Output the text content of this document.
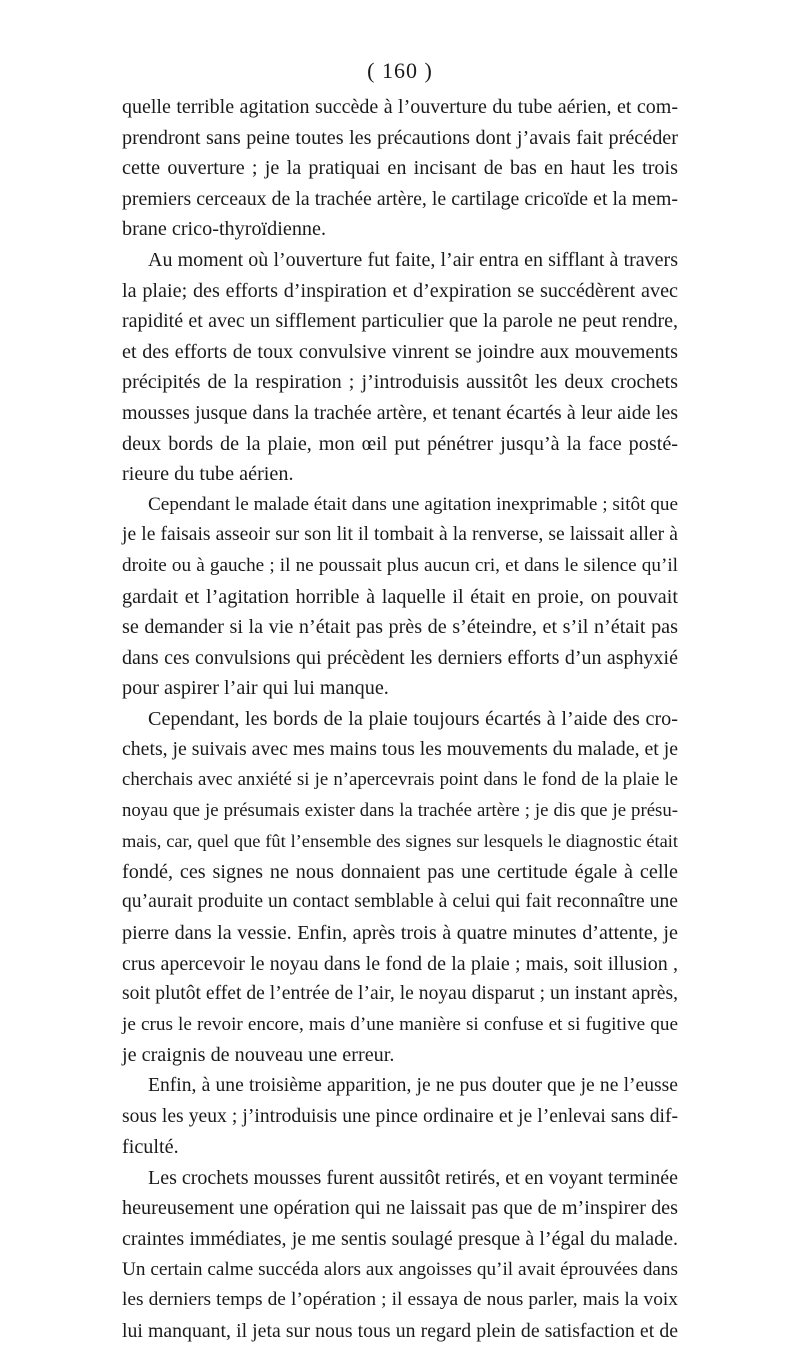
( 160 )
quelle terrible agitation succède à l’ouverture du tube aérien, et com-
prendront sans peine toutes les précautions dont j’avais fait précéder
cette ouverture ; je la pratiquai en incisant de bas en haut les trois
premiers cerceaux de la trachée artère, le cartilage cricoïde et la mem-
brane crico-thyroïdienne.
Au moment où l’ouverture fut faite, l’air entra en sifflant à travers
la plaie; des efforts d’inspiration et d’expiration se succédèrent avec
rapidité et avec un sifflement particulier que la parole ne peut rendre,
et des efforts de toux convulsive vinrent se joindre aux mouvements
précipités de la respiration ; j’introduisis aussitôt les deux crochets
mousses jusque dans la trachée artère, et tenant écartés à leur aide les
deux bords de la plaie, mon œil put pénétrer jusqu’à la face posté-
rieure du tube aérien.
Cependant le malade était dans une agitation inexprimable ; sitôt que
je le faisais asseoir sur son lit il tombait à la renverse, se laissait aller à
droite ou à gauche ; il ne poussait plus aucun cri, et dans le silence qu’il
gardait et l’agitation horrible à laquelle il était en proie, on pouvait
se demander si la vie n’était pas près de s’éteindre, et s’il n’était pas
dans ces convulsions qui précèdent les derniers efforts d’un asphyxié
pour aspirer l’air qui lui manque.
Cependant, les bords de la plaie toujours écartés à l’aide des cro-
chets, je suivais avec mes mains tous les mouvements du malade, et je
cherchais avec anxiété si je n’apercevrais point dans le fond de la plaie le
noyau que je présumais exister dans la trachée artère ; je dis que je présu-
mais, car, quel que fût l’ensemble des signes sur lesquels le diagnostic était
fondé, ces signes ne nous donnaient pas une certitude égale à celle
qu’aurait produite un contact semblable à celui qui fait reconnaître une
pierre dans la vessie. Enfin, après trois à quatre minutes d’attente, je
crus apercevoir le noyau dans le fond de la plaie ; mais, soit illusion ,
soit plutôt effet de l’entrée de l’air, le noyau disparut ; un instant après,
je crus le revoir encore, mais d’une manière si confuse et si fugitive que
je craignis de nouveau une erreur.
Enfin, à une troisième apparition, je ne pus douter que je ne l’eusse
sous les yeux ; j’introduisis une pince ordinaire et je l’enlevai sans dif-
ficulté.
Les crochets mousses furent aussitôt retirés, et en voyant terminée
heureusement une opération qui ne laissait pas que de m’inspirer des
craintes immédiates, je me sentis soulagé presque à l’égal du malade.
Un certain calme succéda alors aux angoisses qu’il avait éprouvées dans
les derniers temps de l’opération ; il essaya de nous parler, mais la voix
lui manquant, il jeta sur nous tous un regard plein de satisfaction et de
